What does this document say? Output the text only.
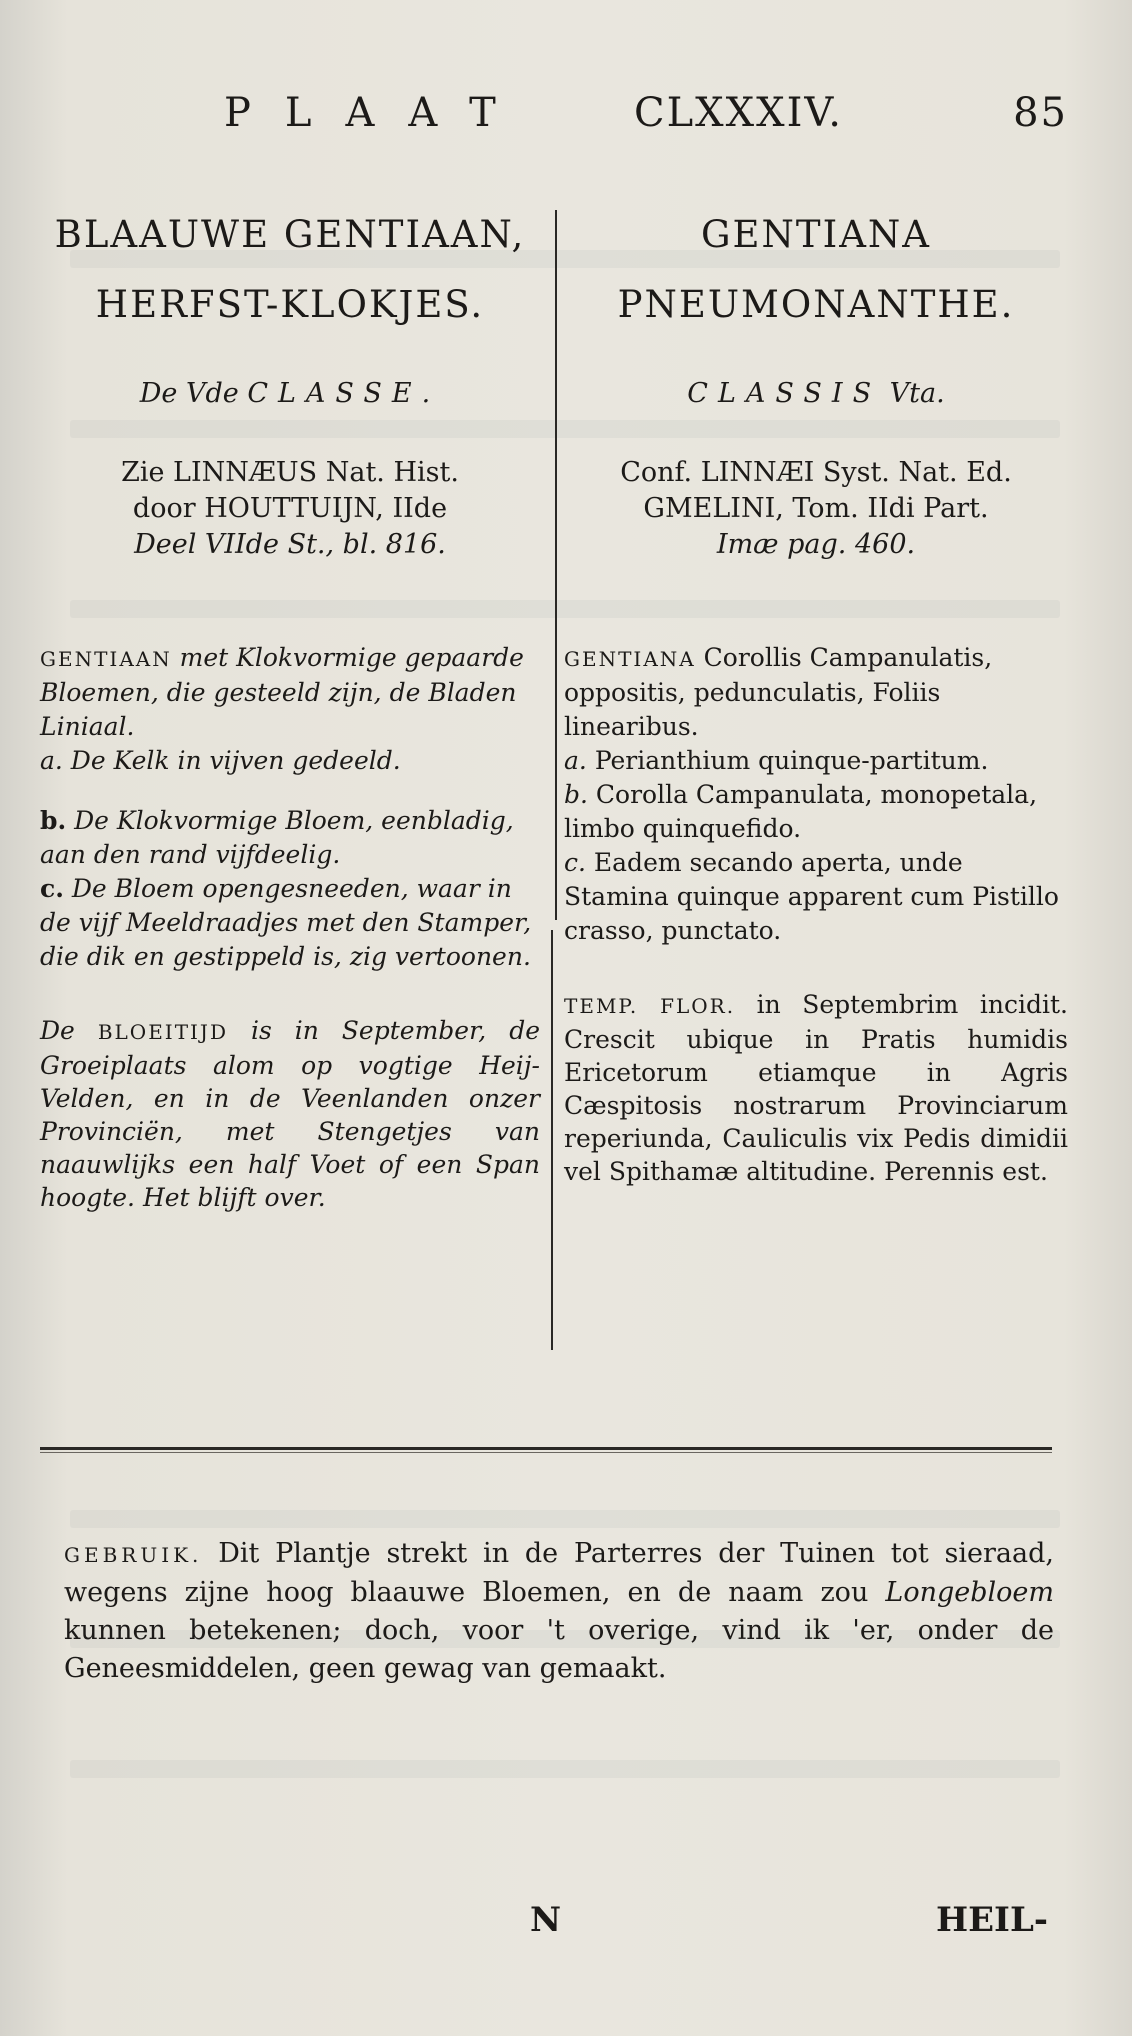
PLAAT	CLXXXIV.	85
BLAAUWE GENTIAAN,
HERFST-KLOKJES.
De Vde CLASSE.
Zie LINNÆUS Nat. Hist.
door HOUTTUIJN, IIde
Deel VIIde St., bl. 816.
GENTIAAN met Klokvormige gepaarde Bloemen, die gesteeld zijn, de Bladen Liniaal.
a. De Kelk in vijven gedeeld.
b. De Klokvormige Bloem, eenbladig, aan den rand vijfdeelig.
c. De Bloem opengesneeden, waar in de vijf Meeldraadjes met den Stamper, die dik en gestippeld is, zig vertoonen.
De BLOEITIJD is in September, de Groeiplaats alom op vogtige Heij-Velden, en in de Veenlanden onzer Provinciën, met Stengetjes van naauwlijks een half Voet of een Span hoogte. Het blijft over.
GENTIANA
PNEUMONANTHE.
CLASSIS Vta.
Conf. LINNÆI Syst. Nat. Ed.
GMELINI, Tom. IIdi Part.
Imæ pag. 460.
GENTIANA Corollis Campanulatis, oppositis, pedunculatis, Foliis linearibus.
a. Perianthium quinque-partitum.
b. Corolla Campanulata, monopetala, limbo quinquefido.
c. Eadem secando aperta, unde Stamina quinque apparent cum Pistillo crasso, punctato.
TEMP. FLOR. in Septembrim incidit. Crescit ubique in Pratis humidis Ericetorum etiamque in Agris Cæspitosis nostrarum Provinciarum reperiunda, Cauliculis vix Pedis dimidii vel Spithamæ altitudine. Perennis est.
GEBRUIK. Dit Plantje strekt in de Parterres der Tuinen tot sieraad, wegens zijne hoog blaauwe Bloemen, en de naam zou Longebloem kunnen betekenen; doch, voor 't overige, vind ik 'er, onder de Geneesmiddelen, geen gewag van gemaakt.
N	HEIL-
